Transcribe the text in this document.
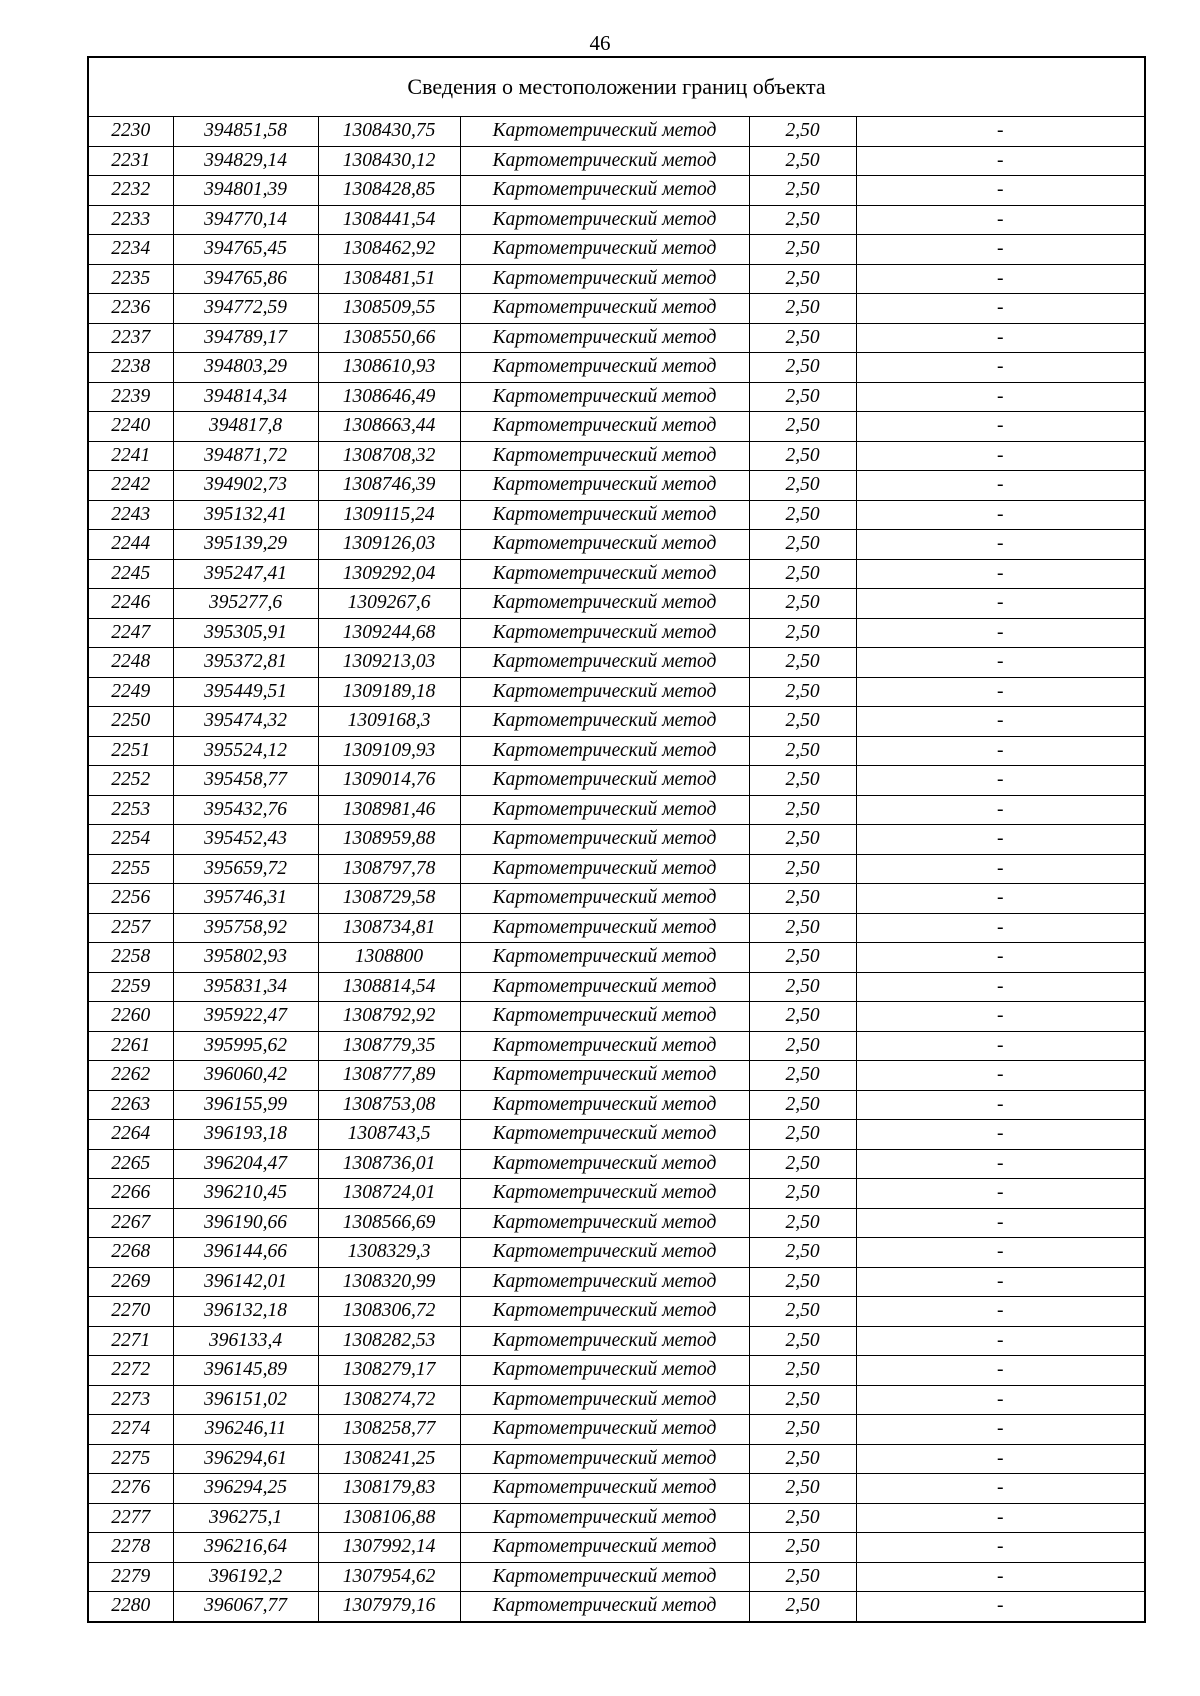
46
Сведения о местоположении границ объекта					
2230	394851,58	1308430,75	Картометрический метод	2,50	-
2231	394829,14	1308430,12	Картометрический метод	2,50	-
2232	394801,39	1308428,85	Картометрический метод	2,50	-
2233	394770,14	1308441,54	Картометрический метод	2,50	-
2234	394765,45	1308462,92	Картометрический метод	2,50	-
2235	394765,86	1308481,51	Картометрический метод	2,50	-
2236	394772,59	1308509,55	Картометрический метод	2,50	-
2237	394789,17	1308550,66	Картометрический метод	2,50	-
2238	394803,29	1308610,93	Картометрический метод	2,50	-
2239	394814,34	1308646,49	Картометрический метод	2,50	-
2240	394817,8	1308663,44	Картометрический метод	2,50	-
2241	394871,72	1308708,32	Картометрический метод	2,50	-
2242	394902,73	1308746,39	Картометрический метод	2,50	-
2243	395132,41	1309115,24	Картометрический метод	2,50	-
2244	395139,29	1309126,03	Картометрический метод	2,50	-
2245	395247,41	1309292,04	Картометрический метод	2,50	-
2246	395277,6	1309267,6	Картометрический метод	2,50	-
2247	395305,91	1309244,68	Картометрический метод	2,50	-
2248	395372,81	1309213,03	Картометрический метод	2,50	-
2249	395449,51	1309189,18	Картометрический метод	2,50	-
2250	395474,32	1309168,3	Картометрический метод	2,50	-
2251	395524,12	1309109,93	Картометрический метод	2,50	-
2252	395458,77	1309014,76	Картометрический метод	2,50	-
2253	395432,76	1308981,46	Картометрический метод	2,50	-
2254	395452,43	1308959,88	Картометрический метод	2,50	-
2255	395659,72	1308797,78	Картометрический метод	2,50	-
2256	395746,31	1308729,58	Картометрический метод	2,50	-
2257	395758,92	1308734,81	Картометрический метод	2,50	-
2258	395802,93	1308800	Картометрический метод	2,50	-
2259	395831,34	1308814,54	Картометрический метод	2,50	-
2260	395922,47	1308792,92	Картометрический метод	2,50	-
2261	395995,62	1308779,35	Картометрический метод	2,50	-
2262	396060,42	1308777,89	Картометрический метод	2,50	-
2263	396155,99	1308753,08	Картометрический метод	2,50	-
2264	396193,18	1308743,5	Картометрический метод	2,50	-
2265	396204,47	1308736,01	Картометрический метод	2,50	-
2266	396210,45	1308724,01	Картометрический метод	2,50	-
2267	396190,66	1308566,69	Картометрический метод	2,50	-
2268	396144,66	1308329,3	Картометрический метод	2,50	-
2269	396142,01	1308320,99	Картометрический метод	2,50	-
2270	396132,18	1308306,72	Картометрический метод	2,50	-
2271	396133,4	1308282,53	Картометрический метод	2,50	-
2272	396145,89	1308279,17	Картометрический метод	2,50	-
2273	396151,02	1308274,72	Картометрический метод	2,50	-
2274	396246,11	1308258,77	Картометрический метод	2,50	-
2275	396294,61	1308241,25	Картометрический метод	2,50	-
2276	396294,25	1308179,83	Картометрический метод	2,50	-
2277	396275,1	1308106,88	Картометрический метод	2,50	-
2278	396216,64	1307992,14	Картометрический метод	2,50	-
2279	396192,2	1307954,62	Картометрический метод	2,50	-
2280	396067,77	1307979,16	Картометрический метод	2,50	-
